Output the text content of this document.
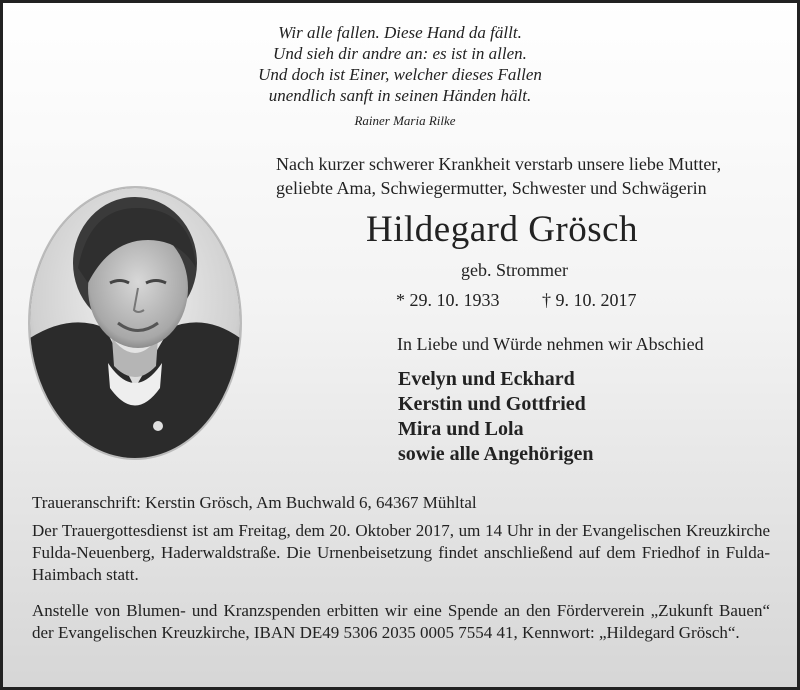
Wir alle fallen. Diese Hand da fällt.
Und sieh dir andre an: es ist in allen.
Und doch ist Einer, welcher dieses Fallen
unendlich sanft in seinen Händen hält.
Rainer Maria Rilke
Nach kurzer schwerer Krankheit verstarb unsere liebe Mutter,
geliebte Ama, Schwiegermutter, Schwester und Schwägerin
Hildegard Grösch
geb. Strommer
* 29. 10. 1933 † 9. 10. 2017
In Liebe und Würde nehmen wir Abschied
Evelyn und Eckhard
Kerstin und Gottfried
Mira und Lola
sowie alle Angehörigen
Traueranschrift: Kerstin Grösch, Am Buchwald 6, 64367 Mühltal

Der Trauergottesdienst ist am Freitag, dem 20. Oktober 2017, um 14 Uhr in der Evangelischen Kreuzkirche Fulda-Neuenberg, Haderwaldstraße. Die Urnenbeisetzung findet anschließend auf dem Friedhof in Fulda-Haimbach statt.

Anstelle von Blumen- und Kranzspenden erbitten wir eine Spende an den Förderverein „Zukunft Bauen“ der Evangelischen Kreuzkirche, IBAN DE49 5306 2035 0005 7554 41, Kennwort: „Hildegard Grösch“.
